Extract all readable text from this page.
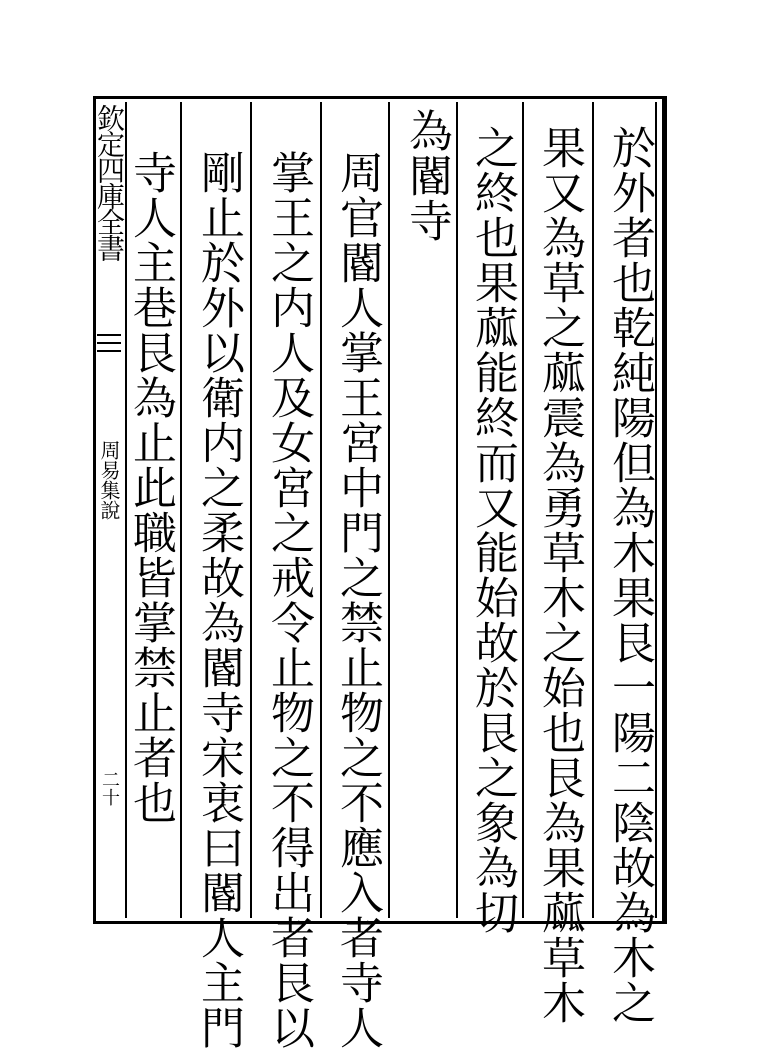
欽定四庫全書
周易集說
二十	於外者也乾純陽但為木果艮一陽二陰故為木之
果又為草之蓏震為勇草木之始也艮為果蓏草木
之終也果蓏能終而又能始故於艮之象為切
為閽寺
周官閽人掌王宮中門之禁止物之不應入者寺人
掌王之内人及女宮之戒令止物之不得出者艮以
剛止於外以衛内之柔故為閽寺宋衷曰閽人主門
寺人主巷艮為止此職皆掌禁止者也
